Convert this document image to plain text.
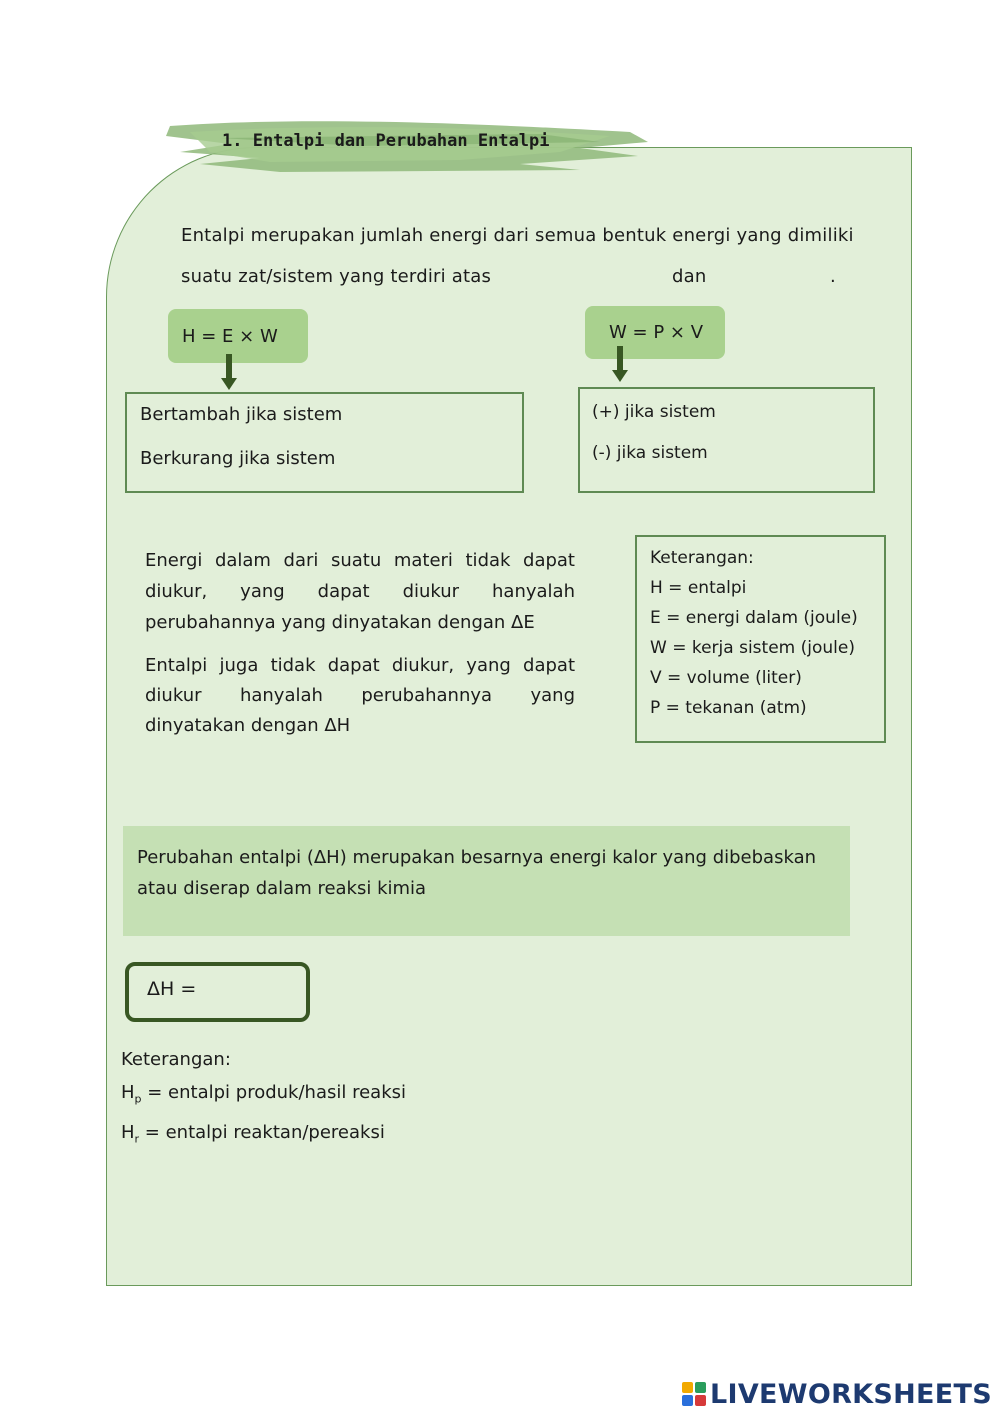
1. Entalpi dan Perubahan Entalpi
Entalpi merupakan jumlah energi dari semua bentuk energi yang dimiliki
suatu zat/sistem yang terdiri atas	dan	.
H = E × W	W = P × V
Bertambah jika sistem
Berkurang jika sistem
(+) jika sistem
(-) jika sistem
Energi dalam dari suatu materi tidak dapat diukur, yang dapat diukur hanyalah perubahannya yang dinyatakan dengan ΔE
Entalpi juga tidak dapat diukur, yang dapat diukur hanyalah perubahannya yang dinyatakan dengan ΔH
Keterangan:
H = entalpi
E = energi dalam (joule)
W = kerja sistem (joule)
V = volume (liter)
P = tekanan (atm)
Perubahan entalpi (ΔH) merupakan besarnya energi kalor yang dibebaskan atau diserap dalam reaksi kimia
ΔH =
Keterangan:
$H_p$ = entalpi produk/hasil reaksi
$H_r$ = entalpi reaktan/pereaksi
LIVEWORKSHEETS
